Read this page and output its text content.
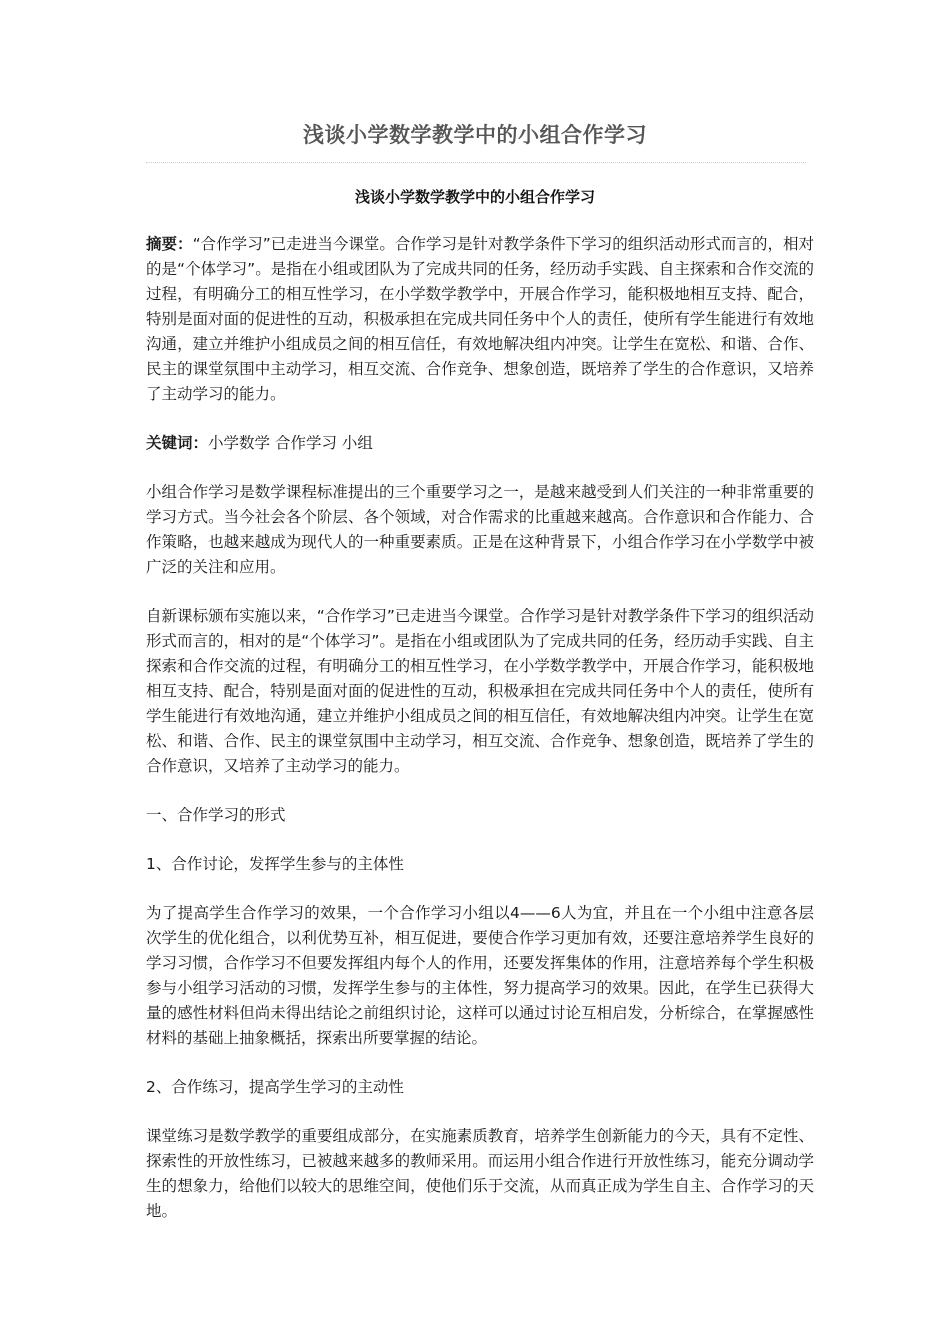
浅谈小学数学教学中的小组合作学习
浅谈小学数学教学中的小组合作学习

摘要：“合作学习”已走进当今课堂。合作学习是针对教学条件下学习的组织活动形式而言的，相对的是“个体学习”。是指在小组或团队为了完成共同的任务，经历动手实践、自主探索和合作交流的过程，有明确分工的相互性学习，在小学数学教学中，开展合作学习，能积极地相互支持、配合，特别是面对面的促进性的互动，积极承担在完成共同任务中个人的责任，使所有学生能进行有效地沟通，建立并维护小组成员之间的相互信任，有效地解决组内冲突。让学生在宽松、和谐、合作、民主的课堂氛围中主动学习，相互交流、合作竞争、想象创造，既培养了学生的合作意识，又培养了主动学习的能力。

关键词：小学数学 合作学习 小组

小组合作学习是数学课程标准提出的三个重要学习之一，是越来越受到人们关注的一种非常重要的学习方式。当今社会各个阶层、各个领域，对合作需求的比重越来越高。合作意识和合作能力、合作策略，也越来越成为现代人的一种重要素质。正是在这种背景下，小组合作学习在小学数学中被广泛的关注和应用。

自新课标颁布实施以来，“合作学习”已走进当今课堂。合作学习是针对教学条件下学习的组织活动形式而言的，相对的是“个体学习”。是指在小组或团队为了完成共同的任务，经历动手实践、自主探索和合作交流的过程，有明确分工的相互性学习，在小学数学教学中，开展合作学习，能积极地相互支持、配合，特别是面对面的促进性的互动，积极承担在完成共同任务中个人的责任，使所有学生能进行有效地沟通，建立并维护小组成员之间的相互信任，有效地解决组内冲突。让学生在宽松、和谐、合作、民主的课堂氛围中主动学习，相互交流、合作竞争、想象创造，既培养了学生的合作意识，又培养了主动学习的能力。

一、合作学习的形式

1、合作讨论，发挥学生参与的主体性

为了提高学生合作学习的效果，一个合作学习小组以4——6人为宜，并且在一个小组中注意各层次学生的优化组合，以利优势互补，相互促进，要使合作学习更加有效，还要注意培养学生良好的学习习惯，合作学习不但要发挥组内每个人的作用，还要发挥集体的作用，注意培养每个学生积极参与小组学习活动的习惯，发挥学生参与的主体性，努力提高学习的效果。因此，在学生已获得大量的感性材料但尚未得出结论之前组织讨论，这样可以通过讨论互相启发，分析综合，在掌握感性材料的基础上抽象概括，探索出所要掌握的结论。

2、合作练习，提高学生学习的主动性

课堂练习是数学教学的重要组成部分，在实施素质教育，培养学生创新能力的今天，具有不定性、探索性的开放性练习，已被越来越多的教师采用。而运用小组合作进行开放性练习，能充分调动学生的想象力，给他们以较大的思维空间，使他们乐于交流，从而真正成为学生自主、合作学习的天地。
